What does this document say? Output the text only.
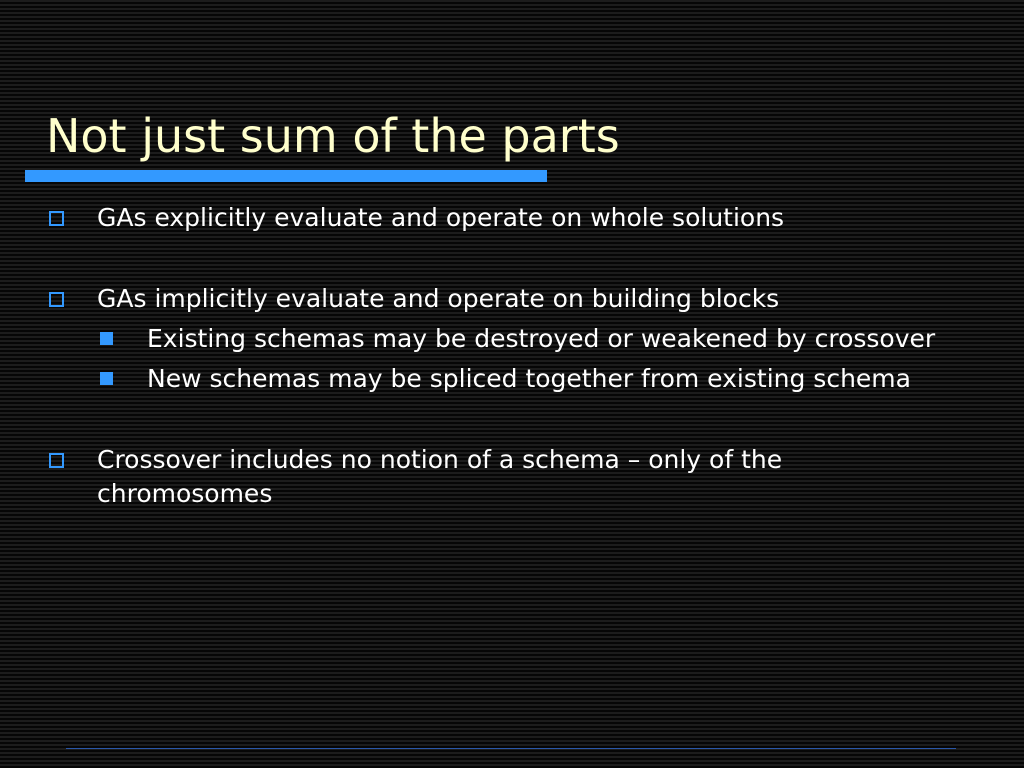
Not just sum of the parts
GAs explicitly evaluate and operate on whole solutions
GAs implicitly evaluate and operate on building blocks
Existing schemas may be destroyed or weakened by crossover
New schemas may be spliced together from existing schema
Crossover includes no notion of a schema – only of the chromosomes
